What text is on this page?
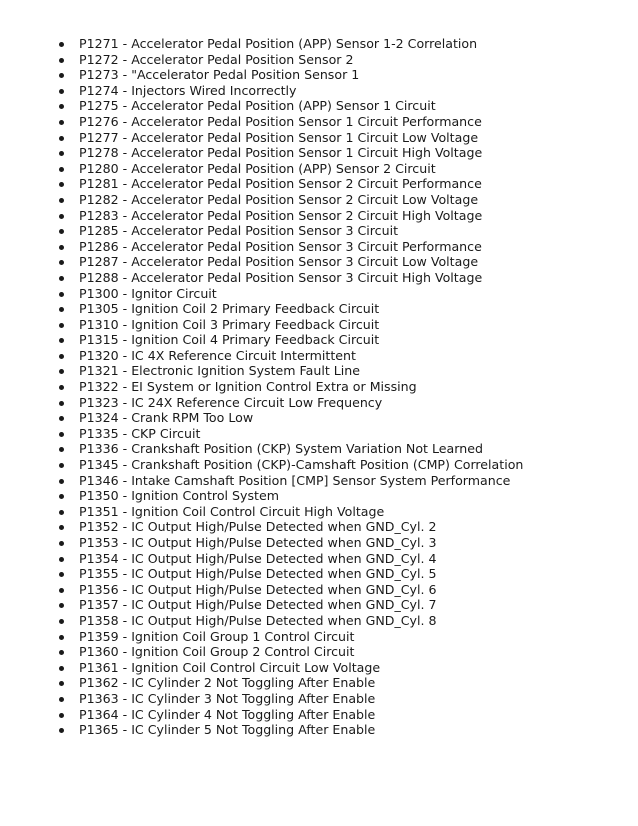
P1271 - Accelerator Pedal Position (APP) Sensor 1-2 Correlation
P1272 - Accelerator Pedal Position Sensor 2
P1273 - "Accelerator Pedal Position Sensor 1
P1274 - Injectors Wired Incorrectly
P1275 - Accelerator Pedal Position (APP) Sensor 1 Circuit
P1276 - Accelerator Pedal Position Sensor 1 Circuit Performance
P1277 - Accelerator Pedal Position Sensor 1 Circuit Low Voltage
P1278 - Accelerator Pedal Position Sensor 1 Circuit High Voltage
P1280 - Accelerator Pedal Position (APP) Sensor 2 Circuit
P1281 - Accelerator Pedal Position Sensor 2 Circuit Performance
P1282 - Accelerator Pedal Position Sensor 2 Circuit Low Voltage
P1283 - Accelerator Pedal Position Sensor 2 Circuit High Voltage
P1285 - Accelerator Pedal Position Sensor 3 Circuit
P1286 - Accelerator Pedal Position Sensor 3 Circuit Performance
P1287 - Accelerator Pedal Position Sensor 3 Circuit Low Voltage
P1288 - Accelerator Pedal Position Sensor 3 Circuit High Voltage
P1300 - Ignitor Circuit
P1305 - Ignition Coil 2 Primary Feedback Circuit
P1310 - Ignition Coil 3 Primary Feedback Circuit
P1315 - Ignition Coil 4 Primary Feedback Circuit
P1320 - IC 4X Reference Circuit Intermittent
P1321 - Electronic Ignition System Fault Line
P1322 - EI System or Ignition Control Extra or Missing
P1323 - IC 24X Reference Circuit Low Frequency
P1324 - Crank RPM Too Low
P1335 - CKP Circuit
P1336 - Crankshaft Position (CKP) System Variation Not Learned
P1345 - Crankshaft Position (CKP)-Camshaft Position (CMP) Correlation
P1346 - Intake Camshaft Position [CMP] Sensor System Performance
P1350 - Ignition Control System
P1351 - Ignition Coil Control Circuit High Voltage
P1352 - IC Output High/Pulse Detected when GND_Cyl. 2
P1353 - IC Output High/Pulse Detected when GND_Cyl. 3
P1354 - IC Output High/Pulse Detected when GND_Cyl. 4
P1355 - IC Output High/Pulse Detected when GND_Cyl. 5
P1356 - IC Output High/Pulse Detected when GND_Cyl. 6
P1357 - IC Output High/Pulse Detected when GND_Cyl. 7
P1358 - IC Output High/Pulse Detected when GND_Cyl. 8
P1359 - Ignition Coil Group 1 Control Circuit
P1360 - Ignition Coil Group 2 Control Circuit
P1361 - Ignition Coil Control Circuit Low Voltage
P1362 - IC Cylinder 2 Not Toggling After Enable
P1363 - IC Cylinder 3 Not Toggling After Enable
P1364 - IC Cylinder 4 Not Toggling After Enable
P1365 - IC Cylinder 5 Not Toggling After Enable
